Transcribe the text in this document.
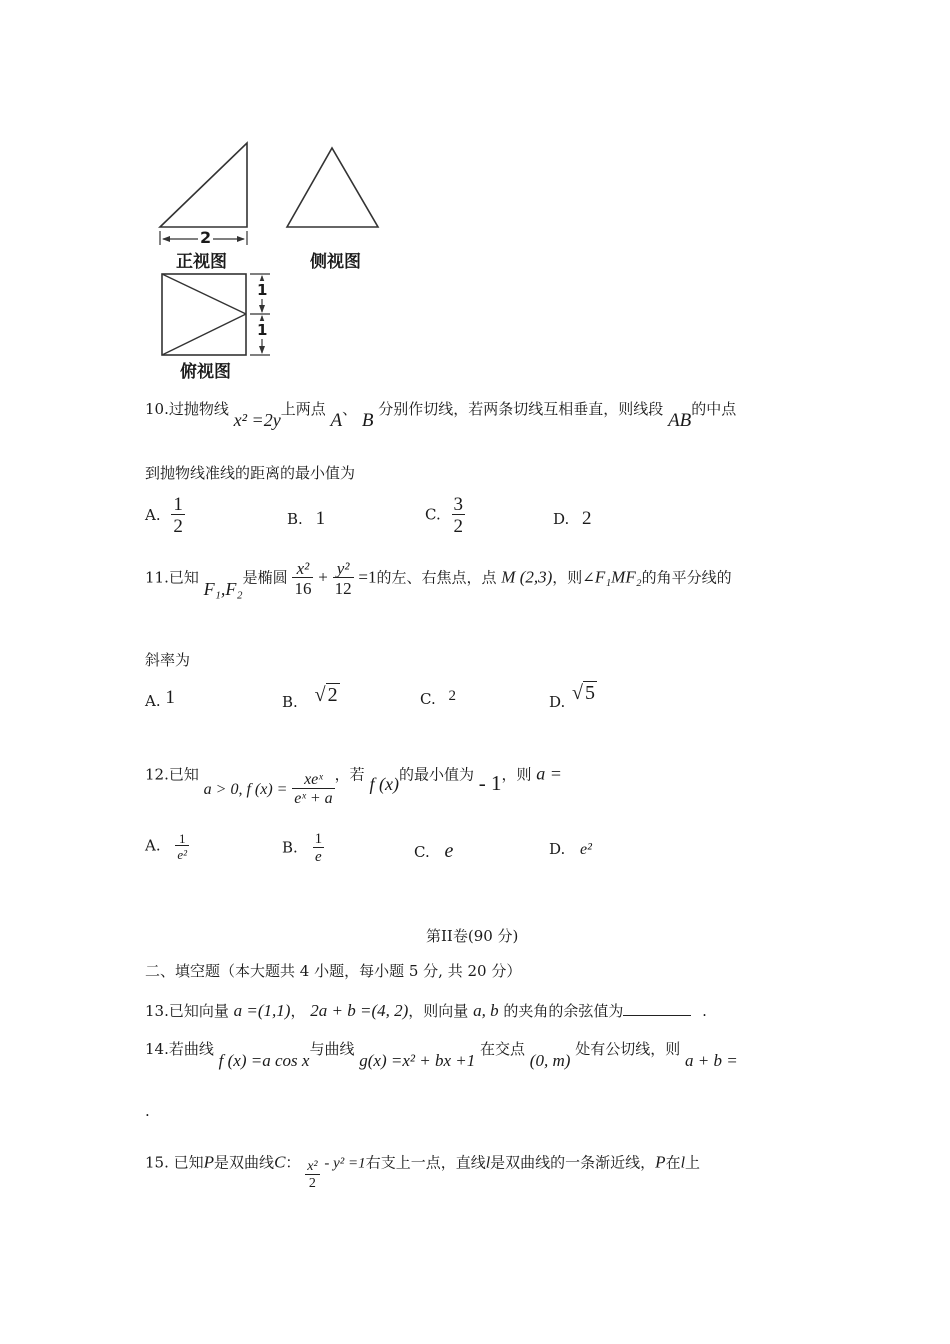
2
正视图	侧视图
1
1
俯视图
10.过抛物线 x² =2y上两点 A、 B 分别作切线，若两条切线互相垂直，则线段 AB的中点
到抛物线准线的距离的最小值为
A. $\frac{1}{2}$	B. 1	C. $\frac{3}{2}$	D. 2
11.已知 F₁,F₂是椭圆 $\frac{\text{x²}}{16} + \frac{\text{y²}}{12} =1$的左、右焦点，点 M (2,3)，则∠F₁MF₂的角平分线的
斜率为
A. 1	B. √ 2	C. 2	D. √ 5
12.已知 a > 0, f $(x) = \frac{\text{xeˣ}}{\text{eˣ + a}}$ ，若 f (x)的最小值为 - 1，则 a =
A. $\frac{1}{\text{e²}}$	B. $\frac{1}{e}$	C. e	D. e²
第II卷(90 分)
二、填空题（本大题共 4 小题，每小题 5 分, 共 20 分）
13.已知向量 a =(1,1)， 2a + b =(4, 2)，则向量 a, b 的夹角的余弦值为	.
14.若曲线 f (x) =a cos x与曲线 g(x) =x² + bx +1 在交点 (0, m) 处有公切线，则 a + b =
.
15. 已知P是双曲线C： $\frac{\text{x²}}{2} - y^2 =1$右支上一点，直线l是双曲线的一条渐近线，P在l上
